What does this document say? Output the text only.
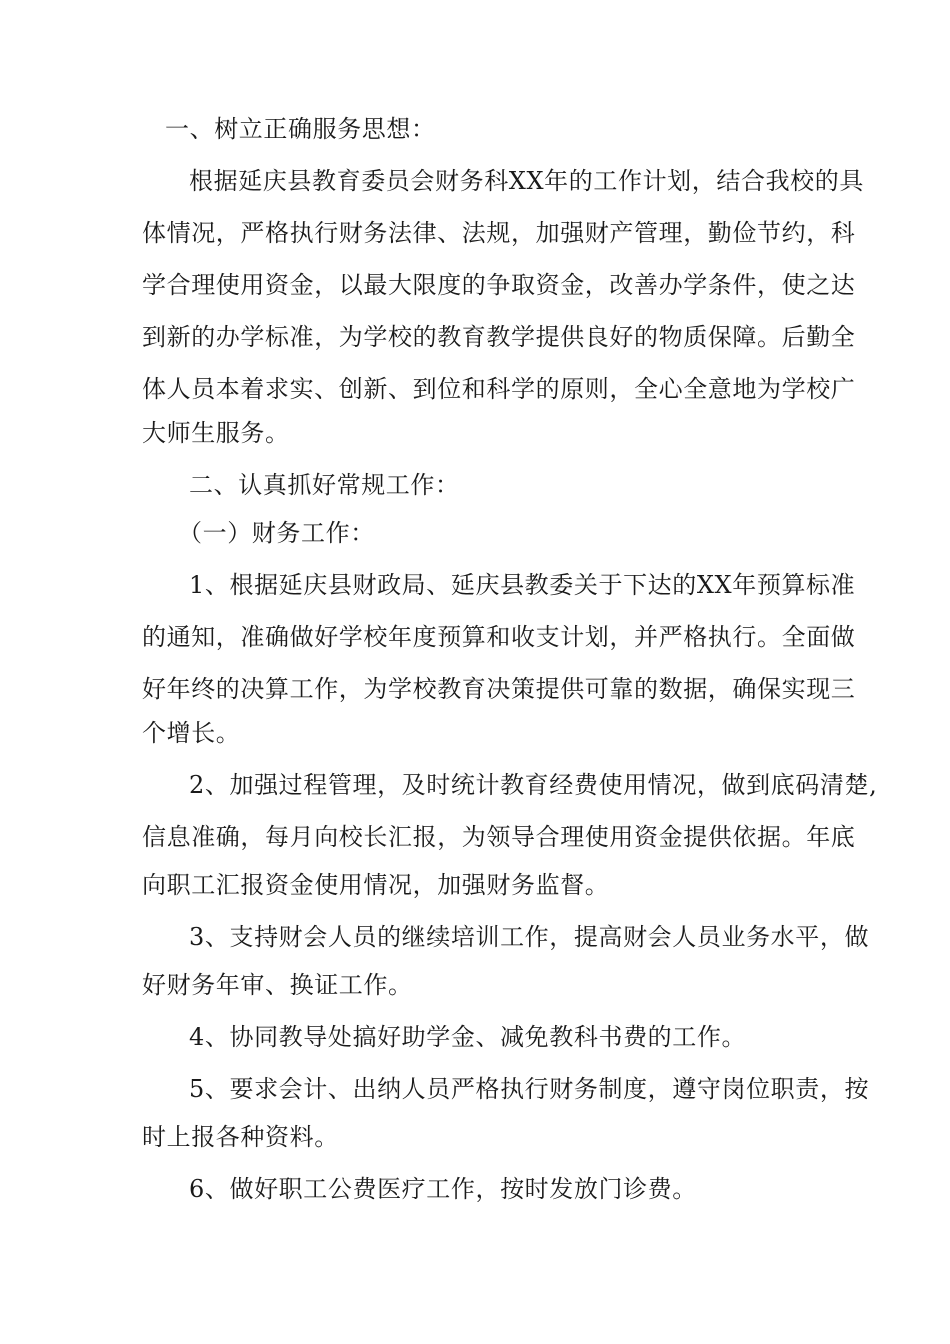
一、树立正确服务思想：

根据延庆县教育委员会财务科XX年的工作计划，结合我校的具

体情况，严格执行财务法律、法规，加强财产管理，勤俭节约，科

学合理使用资金，以最大限度的争取资金，改善办学条件，使之达

到新的办学标准，为学校的教育教学提供良好的物质保障。后勤全

体人员本着求实、创新、到位和科学的原则，全心全意地为学校广

大师生服务。

二、认真抓好常规工作：

（一）财务工作：

1、根据延庆县财政局、延庆县教委关于下达的XX年预算标准

的通知，准确做好学校年度预算和收支计划，并严格执行。全面做

好年终的决算工作，为学校教育决策提供可靠的数据，确保实现三

个增长。

2、加强过程管理，及时统计教育经费使用情况，做到底码清楚,

信息准确，每月向校长汇报，为领导合理使用资金提供依据。年底

向职工汇报资金使用情况，加强财务监督。

3、支持财会人员的继续培训工作，提高财会人员业务水平，做

好财务年审、换证工作。

4、协同教导处搞好助学金、减免教科书费的工作。

5、要求会计、出纳人员严格执行财务制度，遵守岗位职责，按

时上报各种资料。

6、做好职工公费医疗工作，按时发放门诊费。
